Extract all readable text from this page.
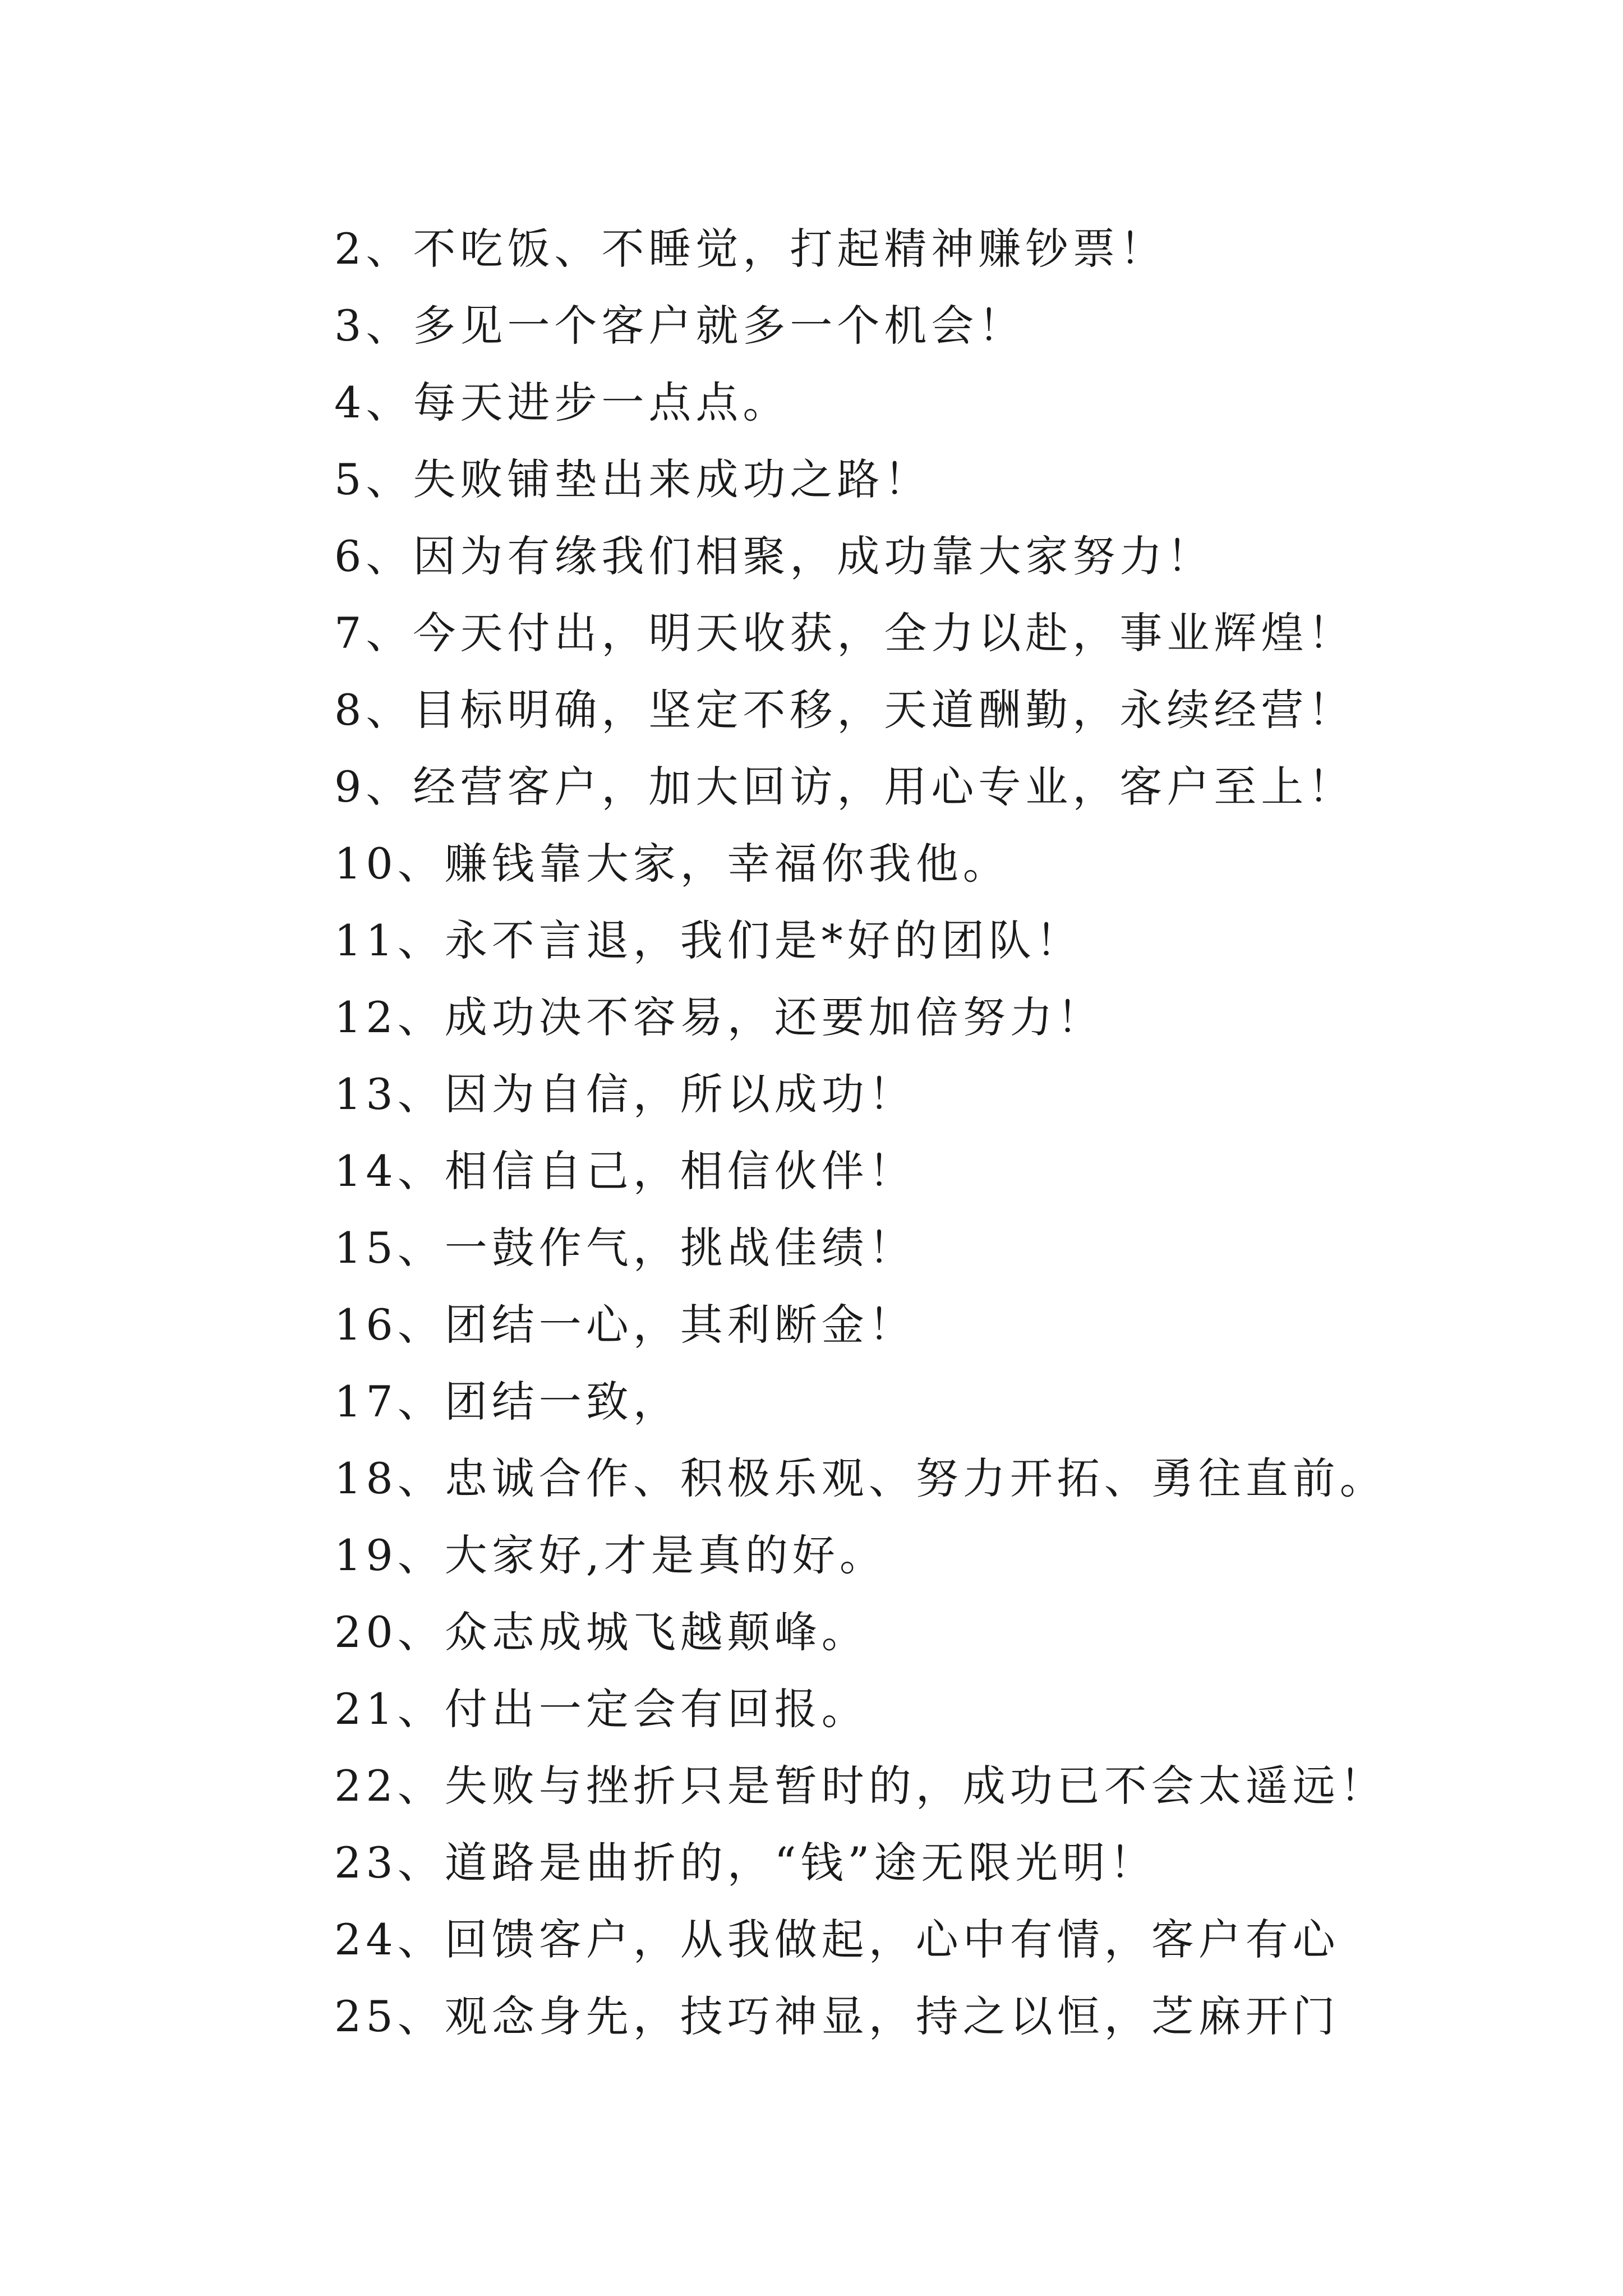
2、不吃饭、不睡觉，打起精神赚钞票！
3、多见一个客户就多一个机会！
4、每天进步一点点。
5、失败铺垫出来成功之路！
6、因为有缘我们相聚，成功靠大家努力！
7、今天付出，明天收获，全力以赴，事业辉煌！
8、目标明确，坚定不移，天道酬勤，永续经营！
9、经营客户，加大回访，用心专业，客户至上！
10、赚钱靠大家，幸福你我他。
11、永不言退，我们是*好的团队！
12、成功决不容易，还要加倍努力！
13、因为自信，所以成功！
14、相信自己，相信伙伴！
15、一鼓作气，挑战佳绩！
16、团结一心，其利断金！
17、团结一致，
18、忠诚合作、积极乐观、努力开拓、勇往直前。
19、大家好,才是真的好。
20、众志成城飞越颠峰。
21、付出一定会有回报。
22、失败与挫折只是暂时的，成功已不会太遥远！
23、道路是曲折的，“钱”途无限光明！
24、回馈客户，从我做起，心中有情，客户有心
25、观念身先，技巧神显，持之以恒，芝麻开门
